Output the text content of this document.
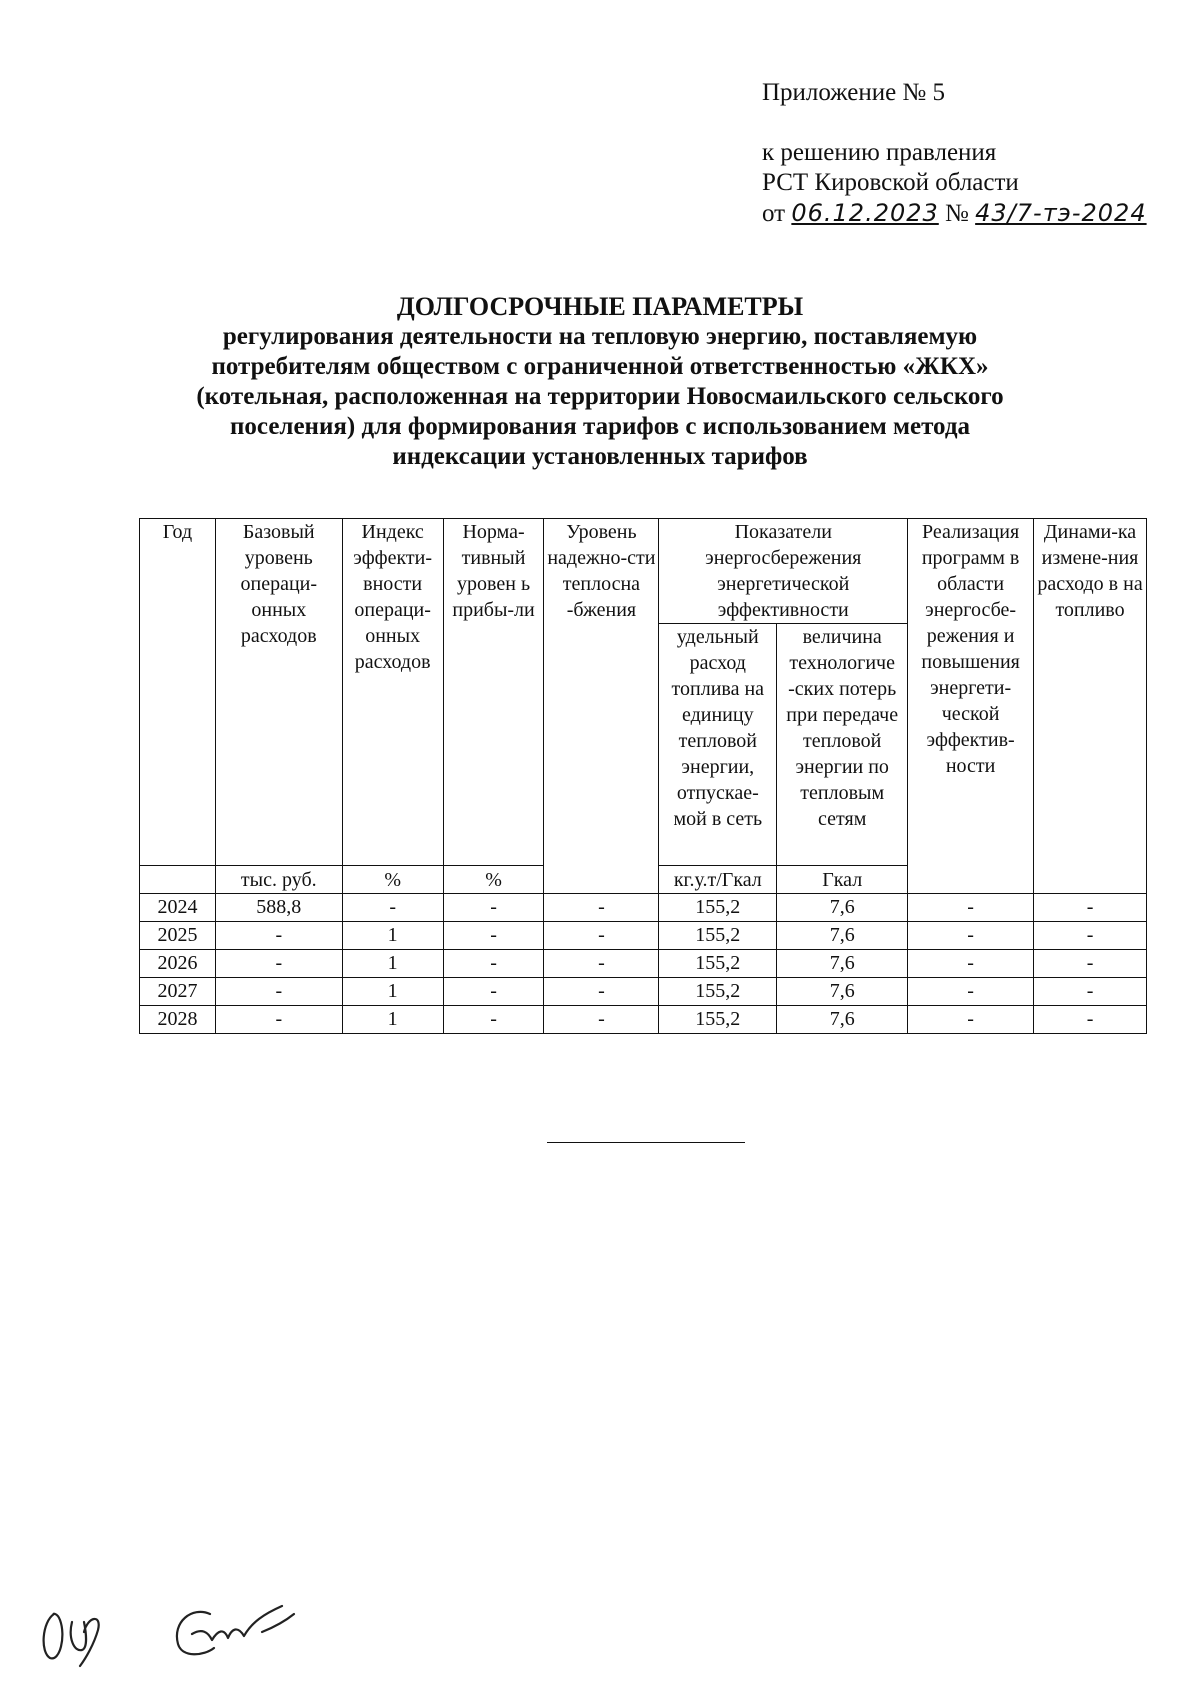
Приложение № 5
к решению правления
РСТ Кировской области
от 06.12.2023 № 43/7-тэ-2024
ДОЛГОСРОЧНЫЕ ПАРАМЕТРЫ
регулирования деятельности на тепловую энергию, поставляемую
потребителям обществом с ограниченной ответственностью «ЖКХ»
(котельная, расположенная на территории Новосмаильского сельского
поселения) для формирования тарифов с использованием метода
индексации установленных тарифов
Год	Базовый уровень операци-онных расходов	Индекс эффекти-вности операци-онных расходов	Норма-тивный уровен ь прибы-ли	Уровень надежно-сти теплосна -бжения	Показатели энергосбережения энергетической эффективности		Реализация программ в области энергосбе-режения и повышения энергети-ческой эффектив-ности	Динами-ка измене-ния расходо в на топливо
					удельный расход топлива на единицу тепловой энергии, отпускае-мой в сеть	величина технологиче -ских потерь при передаче тепловой энергии по тепловым сетям		
	тыс. руб.	%	%		кг.у.т/Гкал	Гкал		
2024	588,8	-	-	-	155,2	7,6	-	-
2025	-	1	-	-	155,2	7,6	-	-
2026	-	1	-	-	155,2	7,6	-	-
2027	-	1	-	-	155,2	7,6	-	-
2028	-	1	-	-	155,2	7,6	-	-
